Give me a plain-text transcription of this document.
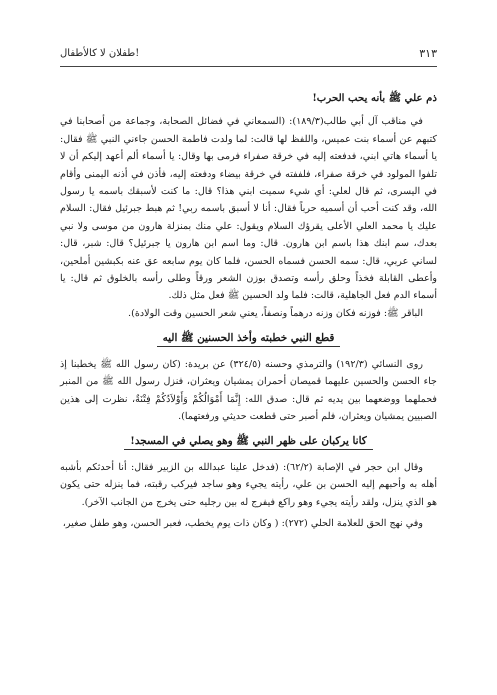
طفلان لا كالأطفال!	٣١٣

ذم علي ﷺ بأنه يحب الحرب!

في مناقب آل أبي طالب(١٨٩/٣): (السمعاني في فضائل الصحابة، وجماعة من أصحابنا في كتبهم عن أسماء بنت عميس، واللفظ لها قالت: لما ولدت فاطمة الحسن جاءني النبي ﷺ فقال: يا أسماء هاتي ابني، فدفعته إليه في خرقة صفراء فرمى بها وقال: يا أسماء ألم أعهد إليكم أن لا تلفوا المولود في خرقة صفراء، فلففته في خرقة بيضاء ودفعته إليه، فأذن في أذنه اليمنى وأقام في اليسرى، ثم قال لعلي: أي شيء سميت ابني هذا؟ قال: ما كنت لأسبقك باسمه يا رسول الله، وقد كنت أحب أن أسميه حرباً فقال: أنا لا أسبق باسمه ربي! ثم هبط جبرئيل فقال: السلام عليك يا محمد العلي الأعلى يقرؤك السلام ويقول: علي منك بمنزلة هارون من موسى ولا نبي بعدك، سم ابنك هذا باسم ابن هارون. قال: وما اسم ابن هارون يا جبرئيل؟ قال: شبر، قال: لساني عربي، قال: سمه الحسن فسماه الحسن، فلما كان يوم سابعه عق عنه بكبشين أملحين، وأعطى القابلة فخذاً وحلق رأسه وتصدق بوزن الشعر ورقاً وطلى رأسه بالخلوق ثم قال: يا أسماء الدم فعل الجاهلية، قالت: فلما ولد الحسين ﷺ فعل مثل ذلك.

الباقر ﷺ: فوزنه فكان وزنه درهماً ونصفاً، يعني شعر الحسين وقت الولادة).

قطع النبي خطبته وأخذ الحسنين ﷺ اليه

روى النسائي (١٩٢/٣) والترمذي وحسنه (٣٢٤/٥) عن بريدة: (كان رسول الله ﷺ يخطبنا إذ جاء الحسن والحسين عليهما قميصان أحمران يمشيان ويعثران، فنزل رسول الله ﷺ من المنبر فحملهما ووضعهما بين يديه ثم قال: صدق الله: إِنَّمَا أَمْوَالُكُمْ وَأَوْلاَدُكُمْ فِتْنَةٌ، نظرت إلى هذين الصبيين يمشيان ويعثران، فلم أصبر حتى قطعت حديثي ورفعتهما).

كانا يركبان على ظهر النبي ﷺ وهو يصلي في المسجد!

وقال ابن حجر في الإصابة (٦٢/٢): (فدخل علينا عبدالله بن الزبير فقال: أنا أحدثكم بأشبه أهله به وأحبهم إليه الحسن بن علي، رأيته يجيء وهو ساجد فيركب رقبته، فما ينزله حتى يكون هو الذي ينزل، ولقد رأيته يجيء وهو راكع فيفرج له بين رجليه حتى يخرج من الجانب الآخر).

وفي نهج الحق للعلامة الحلي (٢٧٢): ( وكان ذات يوم يخطب، فعبر الحسن، وهو طفل صغير،
